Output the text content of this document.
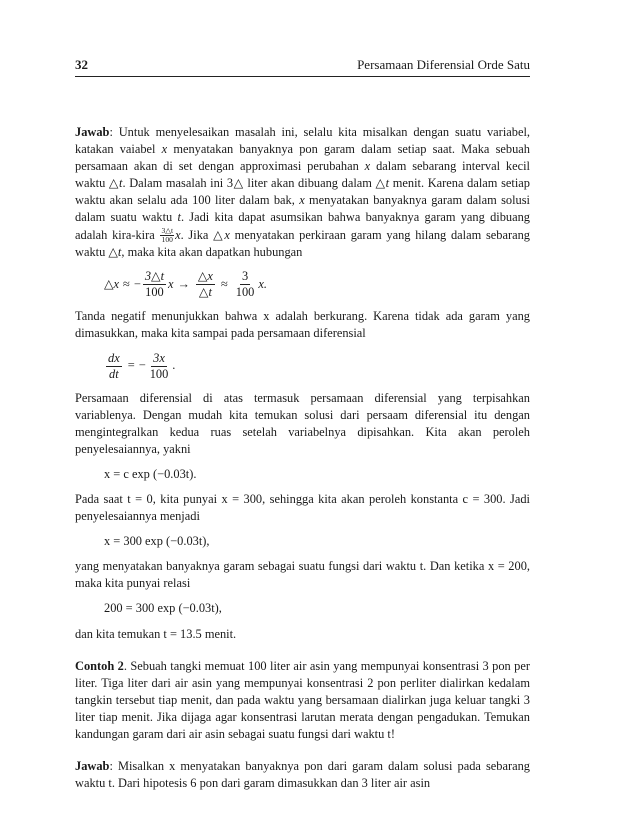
32	Persamaan Diferensial Orde Satu

Jawab: Untuk menyelesaikan masalah ini, selalu kita misalkan dengan suatu variabel, katakan vaiabel x menyatakan banyaknya pon garam dalam setiap saat. Maka sebuah persamaan akan di set dengan approximasi perubahan x dalam sebarang interval kecil waktu △t. Dalam masalah ini 3△ liter akan dibuang dalam △t menit. Karena dalam setiap waktu akan selalu ada 100 liter dalam bak, x menyatakan banyaknya garam dalam solusi dalam suatu waktu t. Jadi kita dapat asumsikan bahwa banyaknya garam yang dibuang adalah kira-kira $\frac{3\triangle t}{100} x$. Jika △x menyatakan perkiraan garam yang hilang dalam sebarang waktu △t, maka kita akan dapatkan hubungan

△x ≈ − $\frac{3\triangle t}{100}$ $x \to \frac{\triangle x}{\triangle t} \approx \frac{3}{100} x$.

Tanda negatif menunjukkan bahwa x adalah berkurang. Karena tidak ada garam yang dimasukkan, maka kita sampai pada persamaan diferensial

$\frac{dx}{dt}$ = − $\frac{3x}{100}$ .

Persamaan diferensial di atas termasuk persamaan diferensial yang terpisahkan variablenya. Dengan mudah kita temukan solusi dari persaam diferensial itu dengan mengintegralkan kedua ruas setelah variabelnya dipisahkan. Kita akan peroleh penyelesaiannya, yakni

x = c exp (−0.03t).

Pada saat t = 0, kita punyai x = 300, sehingga kita akan peroleh konstanta c = 300. Jadi penyelesaiannya menjadi

x = 300 exp (−0.03t),

yang menyatakan banyaknya garam sebagai suatu fungsi dari waktu t. Dan ketika x = 200, maka kita punyai relasi

200 = 300 exp (−0.03t),

dan kita temukan t = 13.5 menit.

Contoh 2. Sebuah tangki memuat 100 liter air asin yang mempunyai konsentrasi 3 pon per liter. Tiga liter dari air asin yang mempunyai konsentrasi 2 pon perliter dialirkan kedalam tangkin tersebut tiap menit, dan pada waktu yang bersamaan dialirkan juga keluar tangki 3 liter tiap menit. Jika dijaga agar konsentrasi larutan merata dengan pengadukan. Temukan kandungan garam dari air asin sebagai suatu fungsi dari waktu t!

Jawab: Misalkan x menyatakan banyaknya pon dari garam dalam solusi pada sebarang waktu t. Dari hipotesis 6 pon dari garam dimasukkan dan 3 liter air asin
